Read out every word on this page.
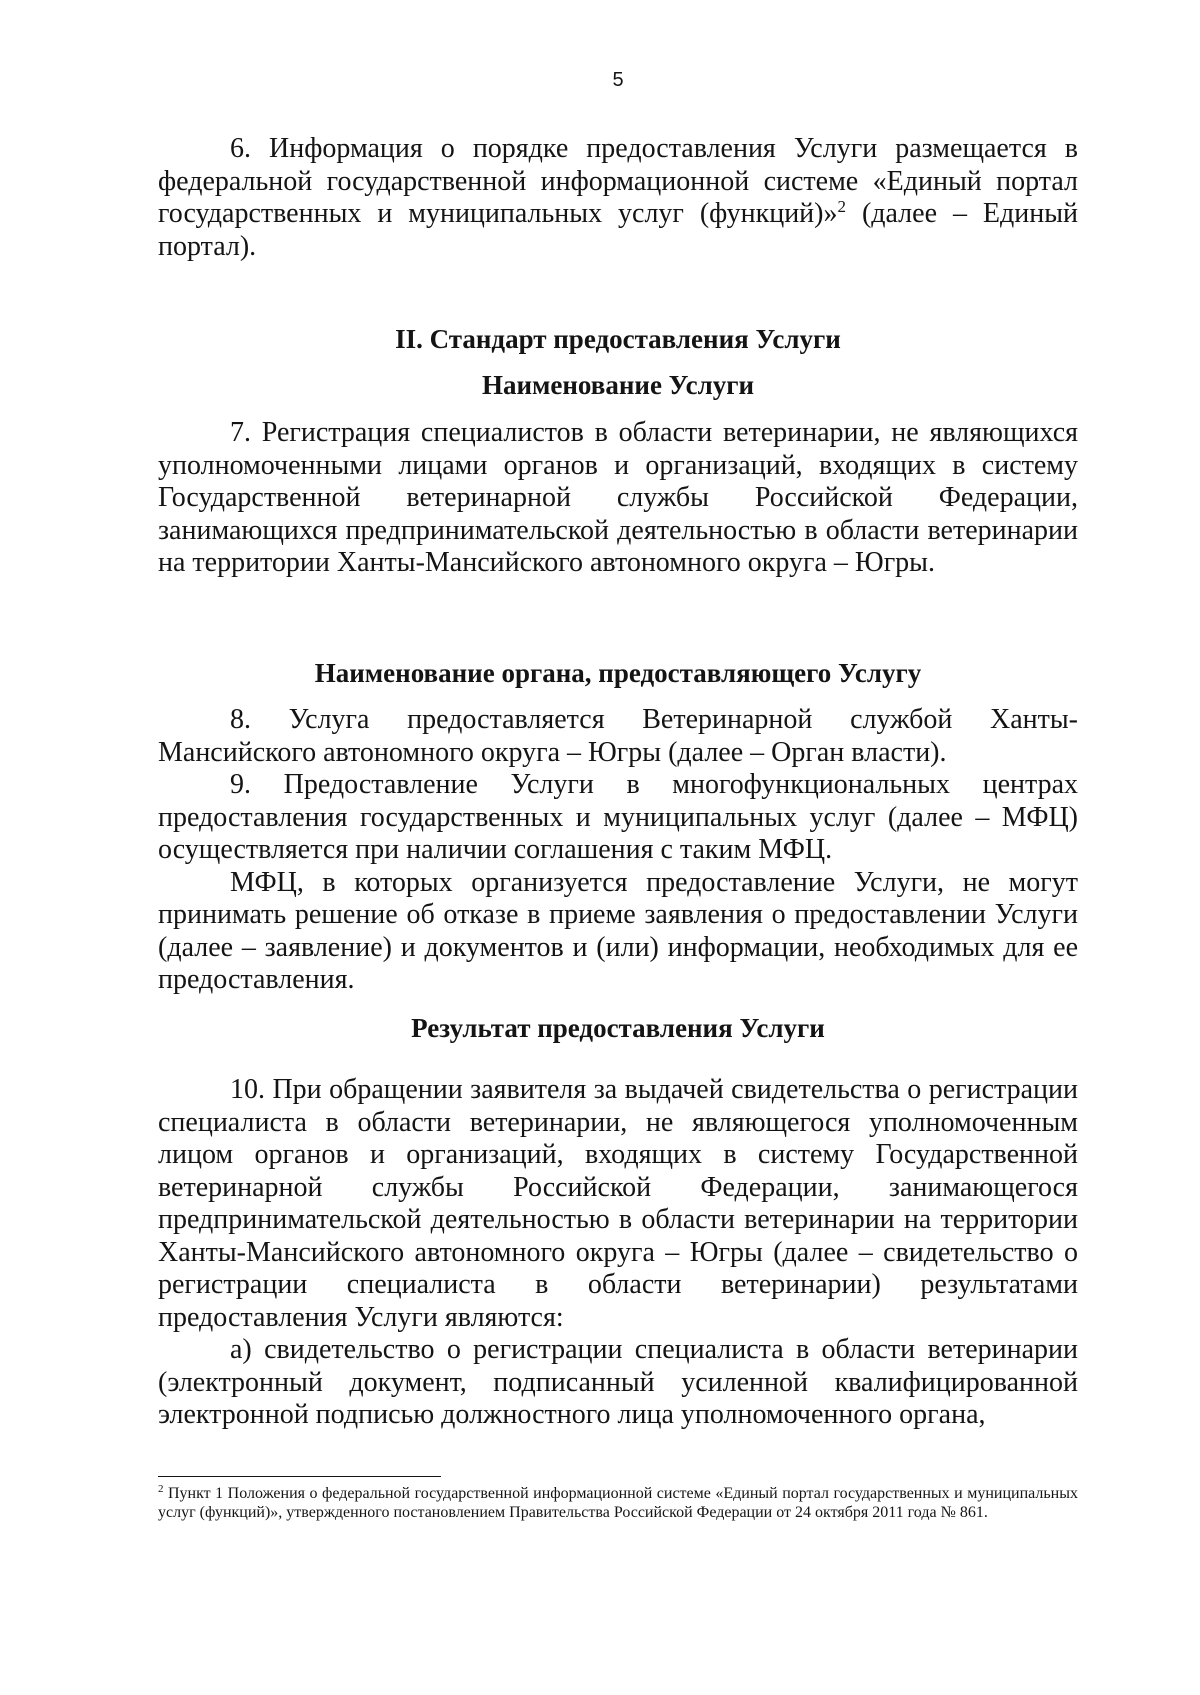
5

6. Информация о порядке предоставления Услуги размещается в федеральной государственной информационной системе «Единый портал государственных и муниципальных услуг (функций)»$^2$ (далее – Единый портал).

II. Стандарт предоставления Услуги
Наименование Услуги

7. Регистрация специалистов в области ветеринарии, не являющихся уполномоченными лицами органов и организаций, входящих в систему Государственной ветеринарной службы Российской Федерации, занимающихся предпринимательской деятельностью в области ветеринарии на территории Ханты-Мансийского автономного округа – Югры.

Наименование органа, предоставляющего Услугу

8. Услуга предоставляется Ветеринарной службой Ханты-Мансийского автономного округа – Югры (далее – Орган власти).

9. Предоставление Услуги в многофункциональных центрах предоставления государственных и муниципальных услуг (далее – МФЦ) осуществляется при наличии соглашения с таким МФЦ.

МФЦ, в которых организуется предоставление Услуги, не могут принимать решение об отказе в приеме заявления о предоставлении Услуги (далее – заявление) и документов и (или) информации, необходимых для ее предоставления.

Результат предоставления Услуги

10. При обращении заявителя за выдачей свидетельства о регистрации специалиста в области ветеринарии, не являющегося уполномоченным лицом органов и организаций, входящих в систему Государственной ветеринарной службы Российской Федерации, занимающегося предпринимательской деятельностью в области ветеринарии на территории Ханты-Мансийского автономного округа – Югры (далее – свидетельство о регистрации специалиста в области ветеринарии) результатами предоставления Услуги являются:

а) свидетельство о регистрации специалиста в области ветеринарии (электронный документ, подписанный усиленной квалифицированной электронной подписью должностного лица уполномоченного органа,

$^2$ Пункт 1 Положения о федеральной государственной информационной системе «Единый портал государственных и муниципальных услуг (функций)», утвержденного постановлением Правительства Российской Федерации от 24 октября 2011 года № 861.
